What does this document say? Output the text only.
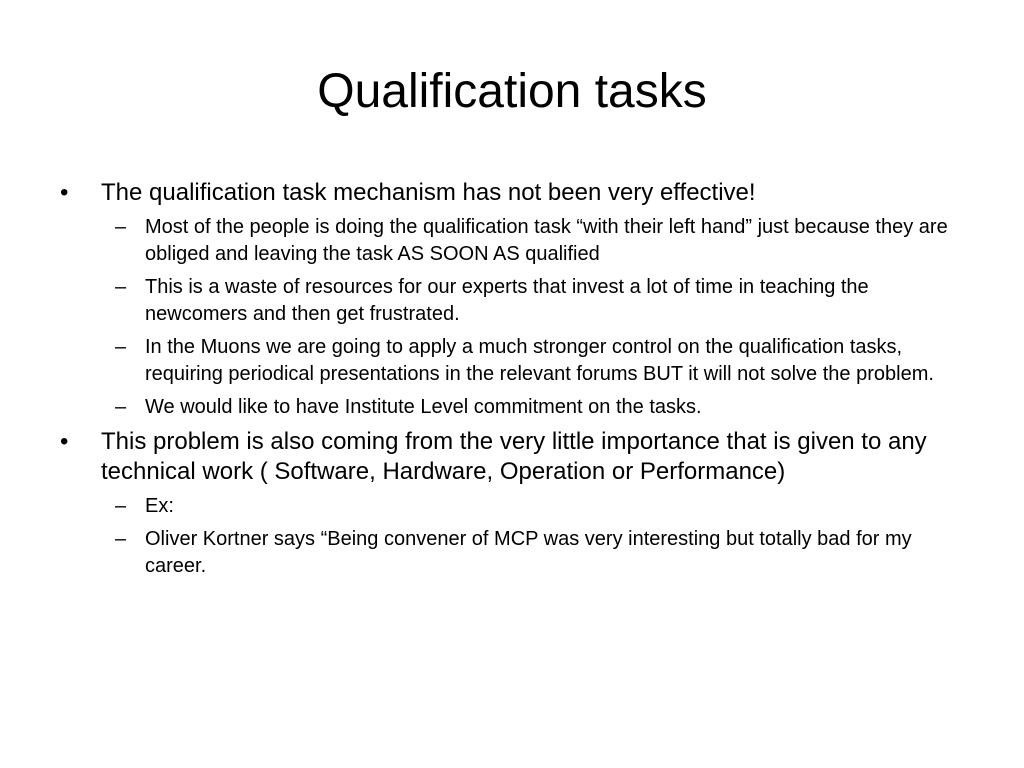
Qualification tasks
•	The qualification task mechanism has not been very effective!
– Most of the people is doing the qualification task “with their left hand” just because they are obliged and leaving the task AS SOON AS qualified
– This is a waste of resources for our experts that invest a lot of time in teaching the newcomers and then get frustrated.
– In the Muons we are going to apply a much stronger control on the qualification tasks, requiring periodical presentations in the relevant forums BUT it will not solve the problem.
– We would like to have Institute Level commitment on the tasks.
•	This problem is also coming from the very little importance that is given to any technical work ( Software, Hardware, Operation or Performance)
– Ex:
– Oliver Kortner says “Being convener of MCP was very interesting but totally bad for my career.
